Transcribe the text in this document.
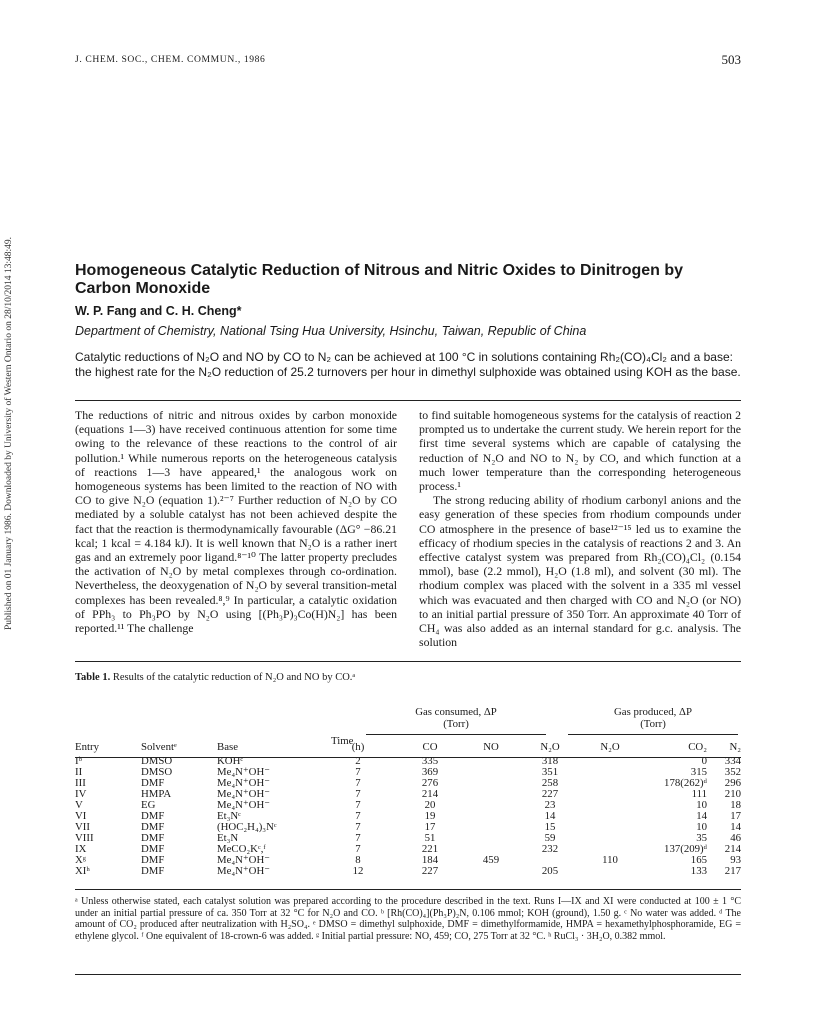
Published on 01 January 1986. Downloaded by University of Western Ontario on 28/10/2014 13:48:49.
J. CHEM. SOC., CHEM. COMMUN., 1986	503
Homogeneous Catalytic Reduction of Nitrous and Nitric Oxides to Dinitrogen by Carbon Monoxide
W. P. Fang and C. H. Cheng*
Department of Chemistry, National Tsing Hua University, Hsinchu, Taiwan, Republic of China

Catalytic reductions of N₂O and NO by CO to N₂ can be achieved at 100 °C in solutions containing Rh₂(CO)₄Cl₂ and a base: the highest rate for the N₂O reduction of 25.2 turnovers per hour in dimethyl sulphoxide was obtained using KOH as the base.

The reductions of nitric and nitrous oxides by carbon monoxide (equations 1—3) have received continuous attention for some time owing to the relevance of these reactions to the control of air pollution.¹ While numerous reports on the heterogeneous catalysis of reactions 1—3 have appeared,¹ the analogous work on homogeneous systems has been limited to the reaction of NO with CO to give N₂O (equation 1).²⁻⁷ Further reduction of N₂O by CO mediated by a soluble catalyst has not been achieved despite the fact that the reaction is thermodynamically favourable (ΔG° −86.21 kcal; 1 kcal = 4.184 kJ). It is well known that N₂O is a rather inert gas and an extremely poor ligand.⁸⁻¹⁰ The latter property precludes the activation of N₂O by metal complexes through co-ordination. Nevertheless, the deoxygenation of N₂O by several transition-metal complexes has been revealed.⁸,⁹ In particular, a catalytic oxidation of PPh₃ to Ph₃PO by N₂O using [(Ph₃P)₃Co(H)N₂] has been reported.¹¹ The challenge

to find suitable homogeneous systems for the catalysis of reaction 2 prompted us to undertake the current study. We herein report for the first time several systems which are capable of catalysing the reduction of N₂O and NO to N₂ by CO, and which function at a much lower temperature than the corresponding heterogeneous process.¹

The strong reducing ability of rhodium carbonyl anions and the easy generation of these species from rhodium compounds under CO atmosphere in the presence of base¹²⁻¹⁵ led us to examine the efficacy of rhodium species in the catalysis of reactions 2 and 3. An effective catalyst system was prepared from Rh₂(CO)₄Cl₂ (0.154 mmol), base (2.2 mmol), H₂O (1.8 ml), and solvent (30 ml). The rhodium complex was placed with the solvent in a 335 ml vessel which was evacuated and then charged with CO and N₂O (or NO) to an initial partial pressure of 350 Torr. An approximate 40 Torr of CH₄ was also added as an internal standard for g.c. analysis. The solution

Table 1. Results of the catalytic reduction of N₂O and NO by CO.ᵃ
Gas consumed, ΔP
(Torr)
Gas produced, ΔP
(Torr)
Time
Entry	Solventᵉ	Base	(h)	CO	NO	N₂O	N₂O	CO₂	N₂
Iᵇ	DMSO	KOHᶜ	2	335		318		0	334
II	DMSO	Me₄N⁺OH⁻	7	369		351		315	352
III	DMF	Me₄N⁺OH⁻	7	276		258		178(262)ᵈ	296
IV	HMPA	Me₄N⁺OH⁻	7	214		227		111	210
V	EG	Me₄N⁺OH⁻	7	20		23		10	18
VI	DMF	Et₃Nᶜ	7	19		14		14	17
VII	DMF	(HOC₂H₄)₃Nᶜ	7	17		15		10	14
VIII	DMF	Et₃N	7	51		59		35	46
IX	DMF	MeCO₂Kᶜ,ᶠ	7	221		232		137(209)ᵈ	214
Xᵍ	DMF	Me₄N⁺OH⁻	8	184	459		110	165	93
XIʰ	DMF	Me₄N⁺OH⁻	12	227		205		133	217

ᵃ Unless otherwise stated, each catalyst solution was prepared according to the procedure described in the text. Runs I—IX and XI were conducted at 100 ± 1 °C under an initial partial pressure of ca. 350 Torr at 32 °C for N₂O and CO. ᵇ [Rh(CO)₄](Ph₃P)₂N, 0.106 mmol; KOH (ground), 1.50 g. ᶜ No water was added. ᵈ The amount of CO₂ produced after neutralization with H₂SO₄. ᵉ DMSO = dimethyl sulphoxide, DMF = dimethylformamide, HMPA = hexamethylphosphoramide, EG = ethylene glycol. ᶠ One equivalent of 18-crown-6 was added. ᵍ Initial partial pressure: NO, 459; CO, 275 Torr at 32 °C. ʰ RuCl₃ · 3H₂O, 0.382 mmol.
